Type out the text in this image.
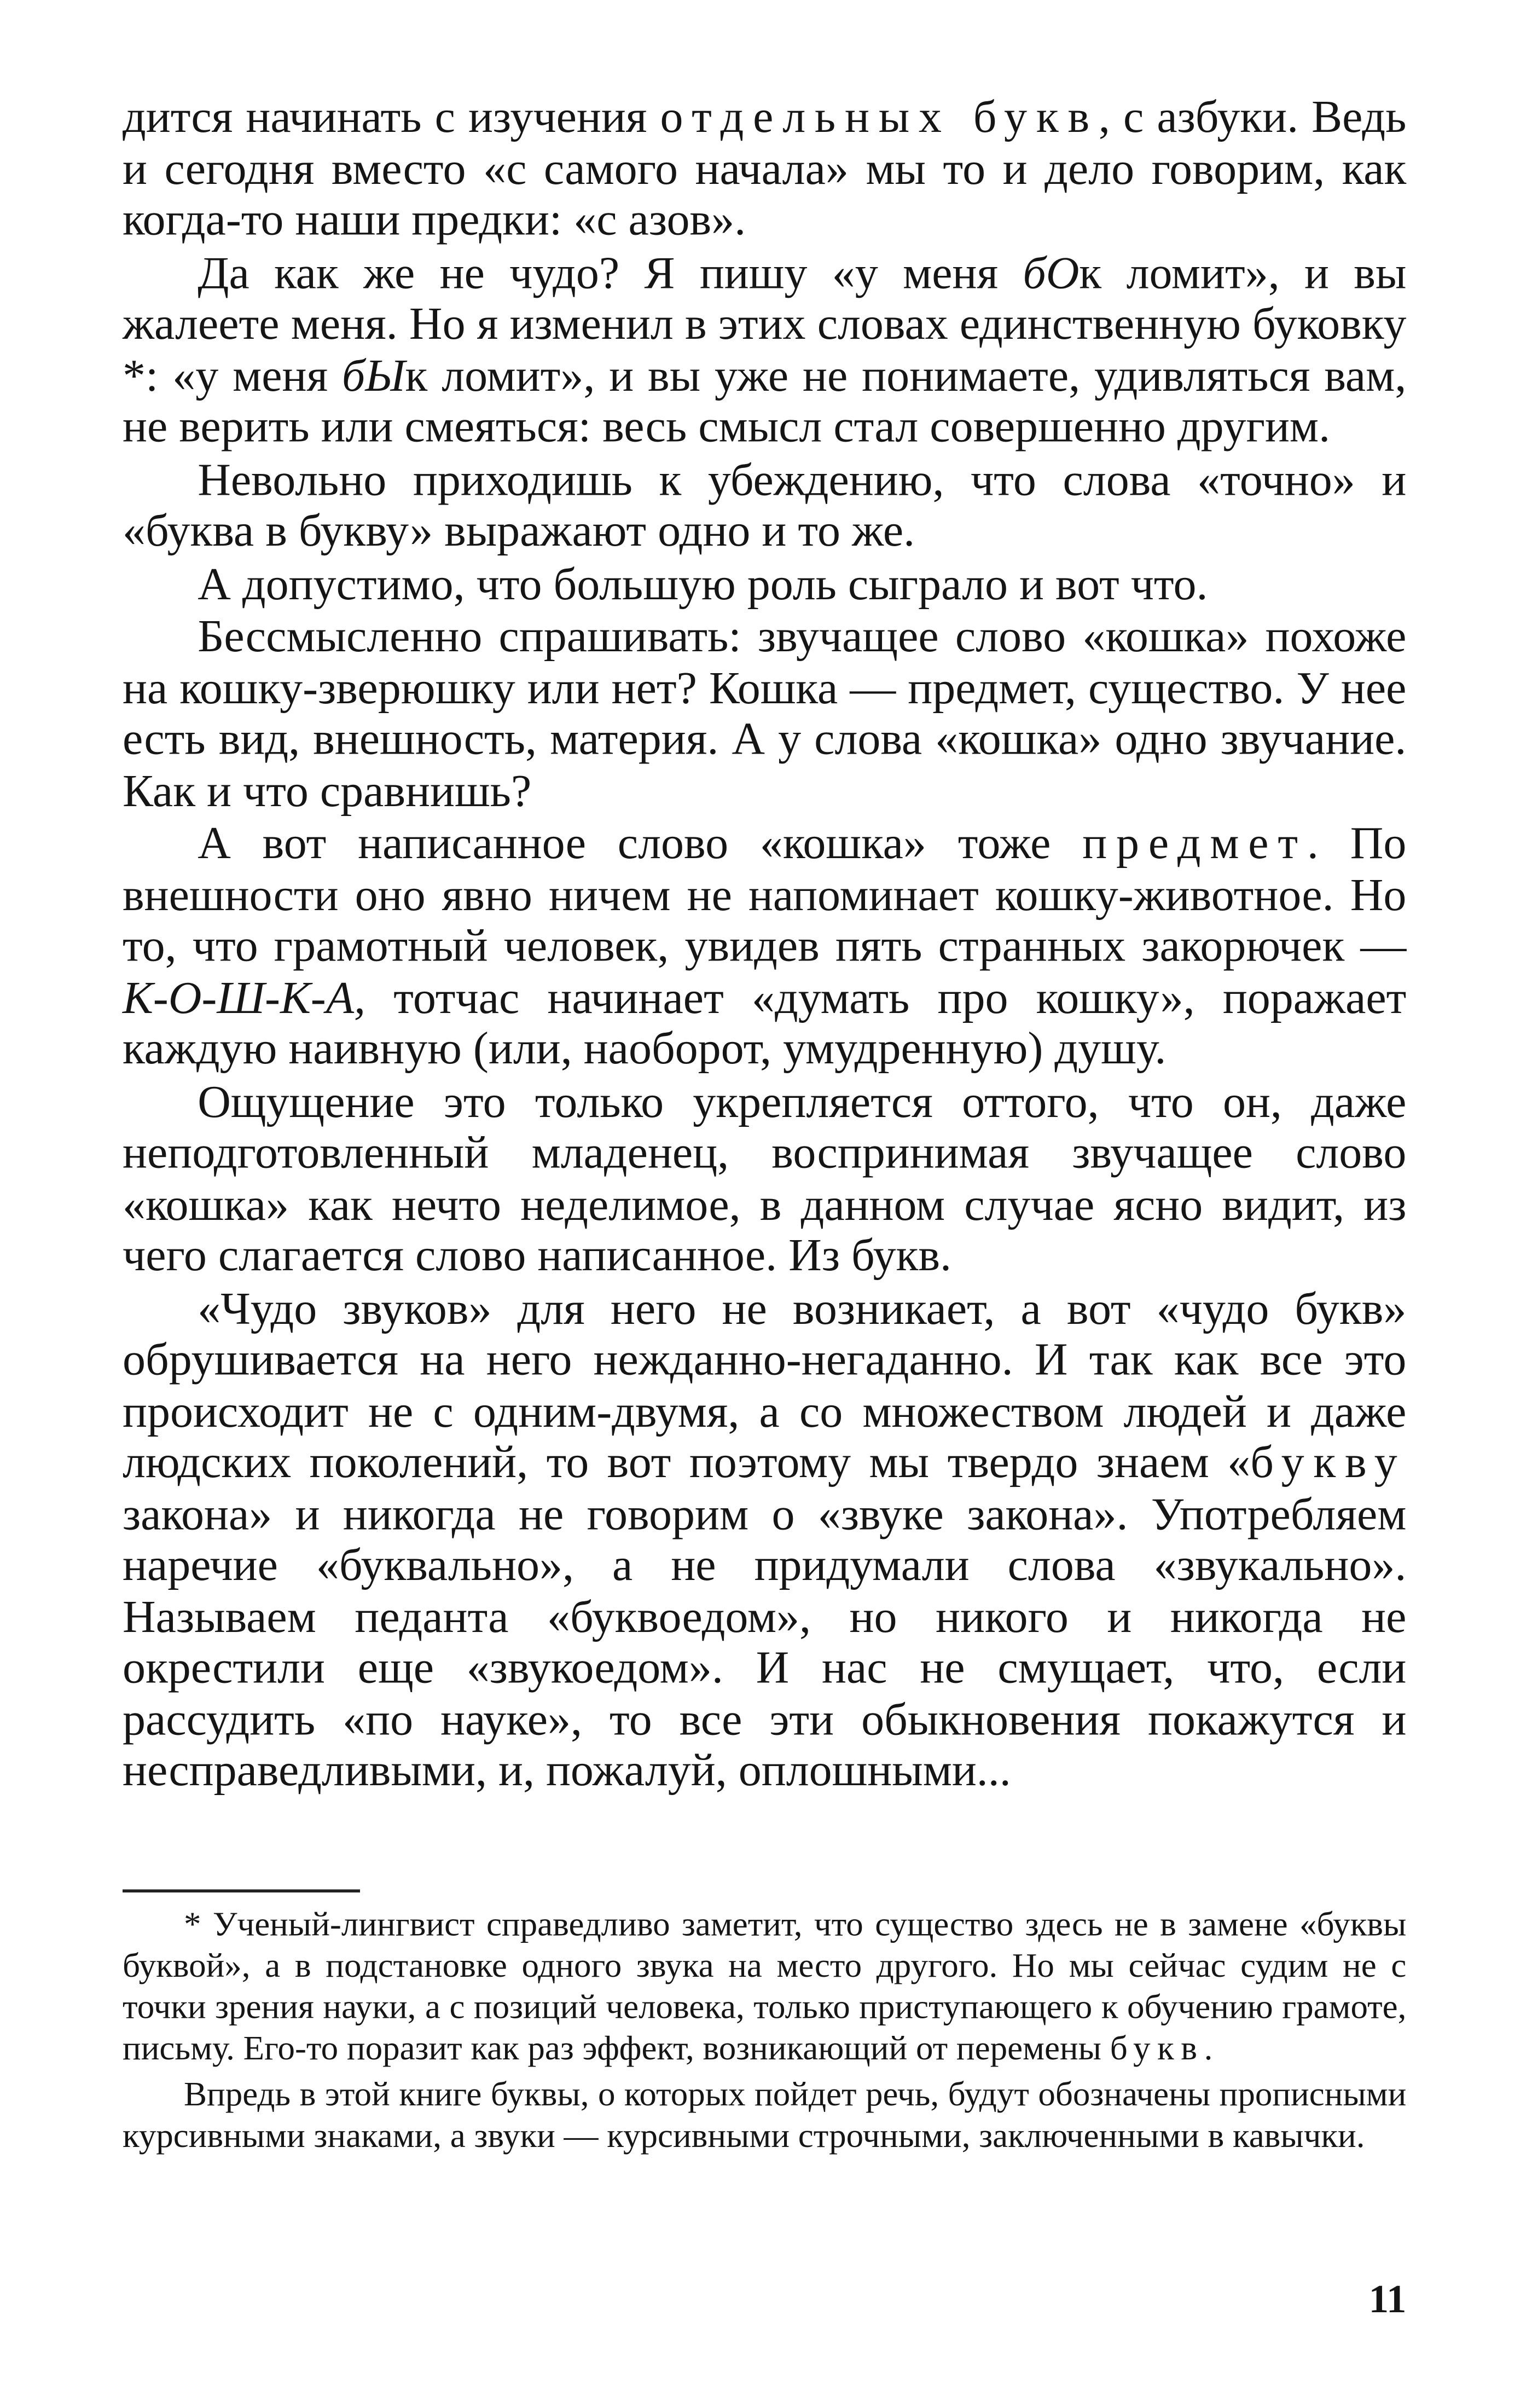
дится начинать с изучения отдельных букв, с азбуки. Ведь и сегодня вместо «с самого начала» мы то и дело говорим, как когда-то наши предки: «с азов».

Да как же не чудо? Я пишу «у меня бОк ломит», и вы жалеете меня. Но я изменил в этих словах единственную буковку *: «у меня бЫк ломит», и вы уже не понимаете, удивляться вам, не верить или смеяться: весь смысл стал совершенно другим.

Невольно приходишь к убеждению, что слова «точно» и «буква в букву» выражают одно и то же.

А допустимо, что большую роль сыграло и вот что.

Бессмысленно спрашивать: звучащее слово «кошка» похоже на кошку-зверюшку или нет? Кошка — предмет, существо. У нее есть вид, внешность, материя. А у слова «кошка» одно звучание. Как и что сравнишь?

А вот написанное слово «кошка» тоже предмет. По внешности оно явно ничем не напоминает кошку-животное. Но то, что грамотный человек, увидев пять странных закорючек — К-О-Ш-К-А, тотчас начинает «думать про кошку», поражает каждую наивную (или, наоборот, умудренную) душу.

Ощущение это только укрепляется оттого, что он, даже неподготовленный младенец, воспринимая звучащее слово «кошка» как нечто неделимое, в данном случае ясно видит, из чего слагается слово написанное. Из букв.

«Чудо звуков» для него не возникает, а вот «чудо букв» обрушивается на него нежданно-негаданно. И так как все это происходит не с одним-двумя, а со множеством людей и даже людских поколений, то вот поэтому мы твердо знаем «букву закона» и никогда не говорим о «звуке закона». Употребляем наречие «буквально», а не придумали слова «звукально». Называем педанта «буквоедом», но никого и никогда не окрестили еще «звукоедом». И нас не смущает, что, если рассудить «по науке», то все эти обыкновения покажутся и несправедливыми, и, пожалуй, оплошными...

* Ученый-лингвист справедливо заметит, что существо здесь не в замене «буквы буквой», а в подстановке одного звука на место другого. Но мы сейчас судим не с точки зрения науки, а с позиций человека, только приступающего к обучению грамоте, письму. Его-то поразит как раз эффект, возникающий от перемены букв.

Впредь в этой книге буквы, о которых пойдет речь, будут обозначены прописными курсивными знаками, а звуки — курсивными строчными, заключенными в кавычки.

11
